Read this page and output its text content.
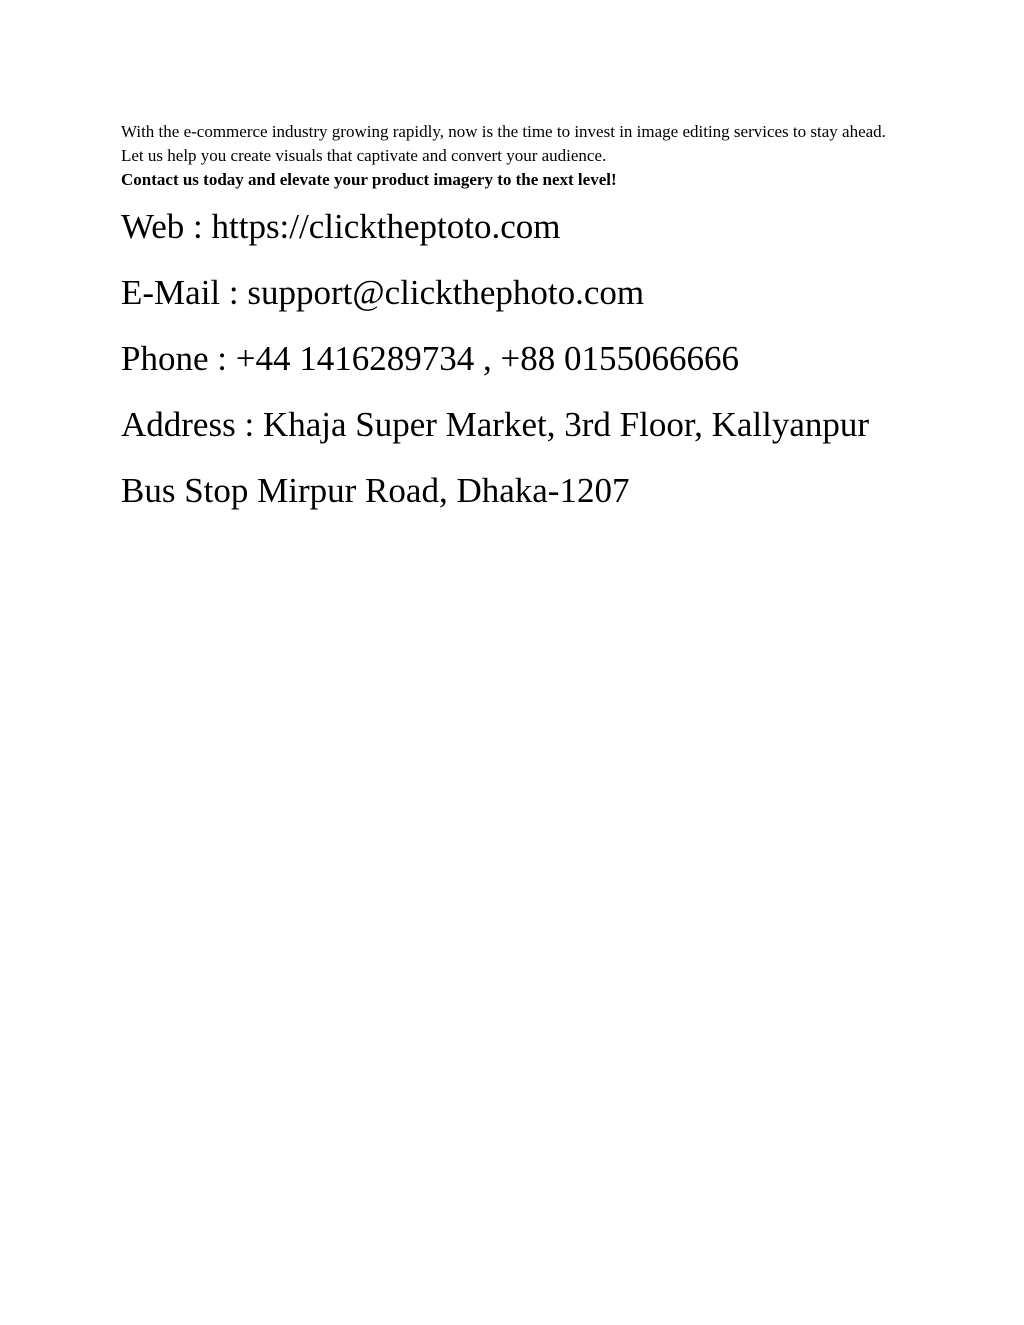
With the e-commerce industry growing rapidly, now is the time to invest in image editing services to stay ahead. Let us help you create visuals that captivate and convert your audience.
Contact us today and elevate your product imagery to the next level!

Web : https://clicktheptoto.com

E-Mail : support@clickthephoto.com

Phone : +44 1416289734 , +88 0155066666

Address : Khaja Super Market, 3rd Floor, Kallyanpur

Bus Stop Mirpur Road, Dhaka-1207
